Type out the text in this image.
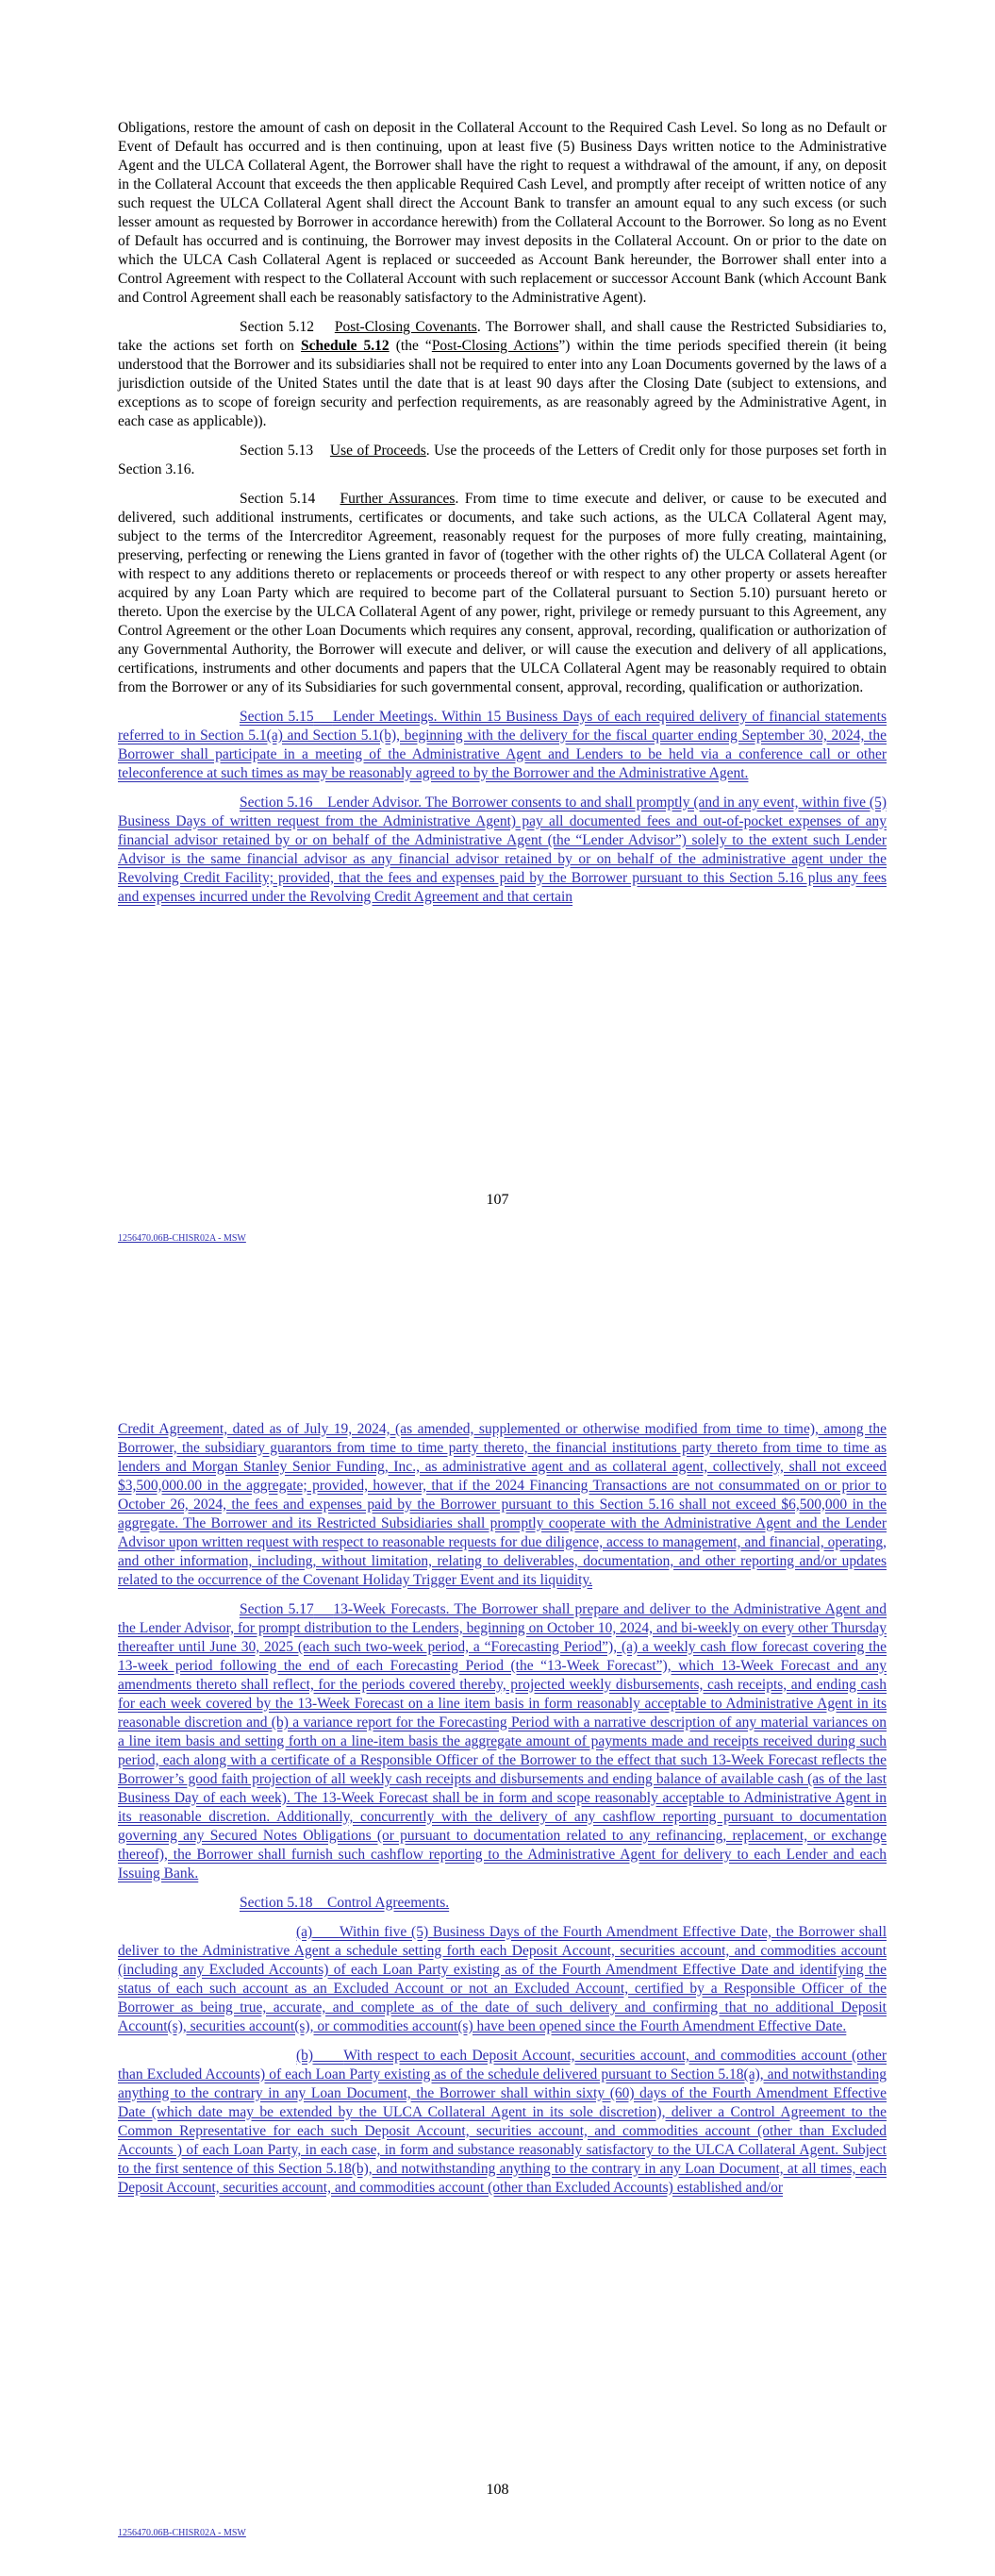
Obligations, restore the amount of cash on deposit in the Collateral Account to the Required Cash Level. So long as no Default or Event of Default has occurred and is then continuing, upon at least five (5) Business Days written notice to the Administrative Agent and the ULCA Collateral Agent, the Borrower shall have the right to request a withdrawal of the amount, if any, on deposit in the Collateral Account that exceeds the then applicable Required Cash Level, and promptly after receipt of written notice of any such request the ULCA Collateral Agent shall direct the Account Bank to transfer an amount equal to any such excess (or such lesser amount as requested by Borrower in accordance herewith) from the Collateral Account to the Borrower. So long as no Event of Default has occurred and is continuing, the Borrower may invest deposits in the Collateral Account. On or prior to the date on which the ULCA Cash Collateral Agent is replaced or succeeded as Account Bank hereunder, the Borrower shall enter into a Control Agreement with respect to the Collateral Account with such replacement or successor Account Bank (which Account Bank and Control Agreement shall each be reasonably satisfactory to the Administrative Agent).

Section 5.12 Post-Closing Covenants. The Borrower shall, and shall cause the Restricted Subsidiaries to, take the actions set forth on Schedule 5.12 (the “Post-Closing Actions”) within the time periods specified therein (it being understood that the Borrower and its subsidiaries shall not be required to enter into any Loan Documents governed by the laws of a jurisdiction outside of the United States until the date that is at least 90 days after the Closing Date (subject to extensions, and exceptions as to scope of foreign security and perfection requirements, as are reasonably agreed by the Administrative Agent, in each case as applicable)).

Section 5.13 Use of Proceeds. Use the proceeds of the Letters of Credit only for those purposes set forth in Section 3.16.

Section 5.14 Further Assurances. From time to time execute and deliver, or cause to be executed and delivered, such additional instruments, certificates or documents, and take such actions, as the ULCA Collateral Agent may, subject to the terms of the Intercreditor Agreement, reasonably request for the purposes of more fully creating, maintaining, preserving, perfecting or renewing the Liens granted in favor of (together with the other rights of) the ULCA Collateral Agent (or with respect to any additions thereto or replacements or proceeds thereof or with respect to any other property or assets hereafter acquired by any Loan Party which are required to become part of the Collateral pursuant to Section 5.10) pursuant hereto or thereto. Upon the exercise by the ULCA Collateral Agent of any power, right, privilege or remedy pursuant to this Agreement, any Control Agreement or the other Loan Documents which requires any consent, approval, recording, qualification or authorization of any Governmental Authority, the Borrower will execute and deliver, or will cause the execution and delivery of all applications, certifications, instruments and other documents and papers that the ULCA Collateral Agent may be reasonably required to obtain from the Borrower or any of its Subsidiaries for such governmental consent, approval, recording, qualification or authorization.

Section 5.15 Lender Meetings. Within 15 Business Days of each required delivery of financial statements referred to in Section 5.1(a) and Section 5.1(b), beginning with the delivery for the fiscal quarter ending September 30, 2024, the Borrower shall participate in a meeting of the Administrative Agent and Lenders to be held via a conference call or other teleconference at such times as may be reasonably agreed to by the Borrower and the Administrative Agent.

Section 5.16 Lender Advisor. The Borrower consents to and shall promptly (and in any event, within five (5) Business Days of written request from the Administrative Agent) pay all documented fees and out-of-pocket expenses of any financial advisor retained by or on behalf of the Administrative Agent (the “Lender Advisor”) solely to the extent such Lender Advisor is the same financial advisor as any financial advisor retained by or on behalf of the administrative agent under the Revolving Credit Facility; provided, that the fees and expenses paid by the Borrower pursuant to this Section 5.16 plus any fees and expenses incurred under the Revolving Credit Agreement and that certain

107
1256470.06B-CHISR02A - MSW

Credit Agreement, dated as of July 19, 2024, (as amended, supplemented or otherwise modified from time to time), among the Borrower, the subsidiary guarantors from time to time party thereto, the financial institutions party thereto from time to time as lenders and Morgan Stanley Senior Funding, Inc., as administrative agent and as collateral agent, collectively, shall not exceed $3,500,000.00 in the aggregate; provided, however, that if the 2024 Financing Transactions are not consummated on or prior to October 26, 2024, the fees and expenses paid by the Borrower pursuant to this Section 5.16 shall not exceed $6,500,000 in the aggregate. The Borrower and its Restricted Subsidiaries shall promptly cooperate with the Administrative Agent and the Lender Advisor upon written request with respect to reasonable requests for due diligence, access to management, and financial, operating, and other information, including, without limitation, relating to deliverables, documentation, and other reporting and/or updates related to the occurrence of the Covenant Holiday Trigger Event and its liquidity.

Section 5.17 13-Week Forecasts. The Borrower shall prepare and deliver to the Administrative Agent and the Lender Advisor, for prompt distribution to the Lenders, beginning on October 10, 2024, and bi-weekly on every other Thursday thereafter until June 30, 2025 (each such two-week period, a “Forecasting Period”), (a) a weekly cash flow forecast covering the 13-week period following the end of each Forecasting Period (the “13-Week Forecast”), which 13-Week Forecast and any amendments thereto shall reflect, for the periods covered thereby, projected weekly disbursements, cash receipts, and ending cash for each week covered by the 13-Week Forecast on a line item basis in form reasonably acceptable to Administrative Agent in its reasonable discretion and (b) a variance report for the Forecasting Period with a narrative description of any material variances on a line item basis and setting forth on a line-item basis the aggregate amount of payments made and receipts received during such period, each along with a certificate of a Responsible Officer of the Borrower to the effect that such 13-Week Forecast reflects the Borrower’s good faith projection of all weekly cash receipts and disbursements and ending balance of available cash (as of the last Business Day of each week). The 13-Week Forecast shall be in form and scope reasonably acceptable to Administrative Agent in its reasonable discretion. Additionally, concurrently with the delivery of any cashflow reporting pursuant to documentation governing any Secured Notes Obligations (or pursuant to documentation related to any refinancing, replacement, or exchange thereof), the Borrower shall furnish such cashflow reporting to the Administrative Agent for delivery to each Lender and each Issuing Bank.

Section 5.18 Control Agreements.

(a) Within five (5) Business Days of the Fourth Amendment Effective Date, the Borrower shall deliver to the Administrative Agent a schedule setting forth each Deposit Account, securities account, and commodities account (including any Excluded Accounts) of each Loan Party existing as of the Fourth Amendment Effective Date and identifying the status of each such account as an Excluded Account or not an Excluded Account, certified by a Responsible Officer of the Borrower as being true, accurate, and complete as of the date of such delivery and confirming that no additional Deposit Account(s), securities account(s), or commodities account(s) have been opened since the Fourth Amendment Effective Date.

(b) With respect to each Deposit Account, securities account, and commodities account (other than Excluded Accounts) of each Loan Party existing as of the schedule delivered pursuant to Section 5.18(a), and notwithstanding anything to the contrary in any Loan Document, the Borrower shall within sixty (60) days of the Fourth Amendment Effective Date (which date may be extended by the ULCA Collateral Agent in its sole discretion), deliver a Control Agreement to the Common Representative for each such Deposit Account, securities account, and commodities account (other than Excluded Accounts ) of each Loan Party, in each case, in form and substance reasonably satisfactory to the ULCA Collateral Agent. Subject to the first sentence of this Section 5.18(b), and notwithstanding anything to the contrary in any Loan Document, at all times, each Deposit Account, securities account, and commodities account (other than Excluded Accounts) established and/or

108
1256470.06B-CHISR02A - MSW
